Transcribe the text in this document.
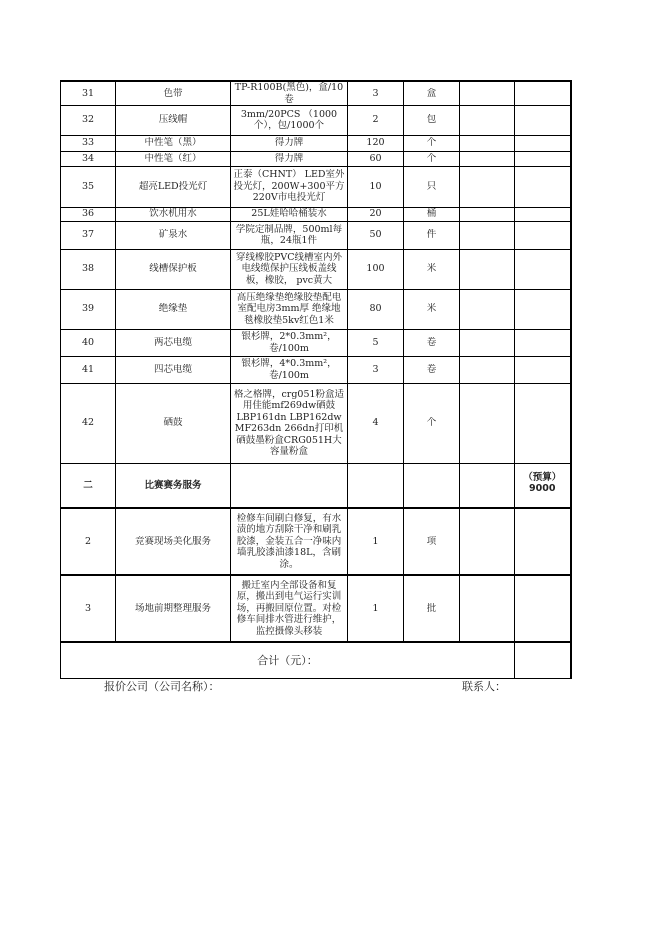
31	色带	TP-R100B(黑色)，盒/10卷	3	盒		

32	压线帽	3mm/20PCS （1000个），包/1000个	2	包		

33	中性笔（黑）	得力牌	120	个		

34	中性笔（红）	得力牌	60	个		

35	超亮LED投光灯	正泰（CHNT） LED室外投光灯，200W+300平方220V市电投光灯	10	只		

36	饮水机用水	25L娃哈哈桶装水	20	桶		

37	矿泉水	学院定制品牌，500ml每瓶，24瓶1件	50	件		

38	线槽保护板	穿线橡胶PVC线槽室内外电线缆保护压线板盖线板，橡胶， pvc黄大	100	米		

39	绝缘垫	高压绝缘垫绝缘胶垫配电室配电房3mm厚 绝缘地毯橡胶垫5kv红色1米	80	米		

40	两芯电缆	银杉牌，2*0.3mm²，卷/100m	5	卷		

41	四芯电缆	银杉牌，4*0.3mm²，卷/100m	3	卷		

42	硒鼓	格之格牌，crg051粉盒适用佳能mf269dw硒鼓LBP161dn LBP162dw MF263dn 266dn打印机硒鼓墨粉盒CRG051H大容量粉盒	4	个		

二	比赛赛务服务					（预算）9000

2	竞赛现场美化服务	检修车间刷白修复，有水渍的地方刮除干净和刷乳胶漆，金装五合一净味内墙乳胶漆油漆18L，含刷涂。	1	项		

3	场地前期整理服务	搬迁室内全部设备和复原，搬出到电气运行实训场，再搬回原位置。对检修车间排水管进行维护，监控摄像头移装	1	批		

合计（元）：						
报价公司（公司名称）：	联系人：
